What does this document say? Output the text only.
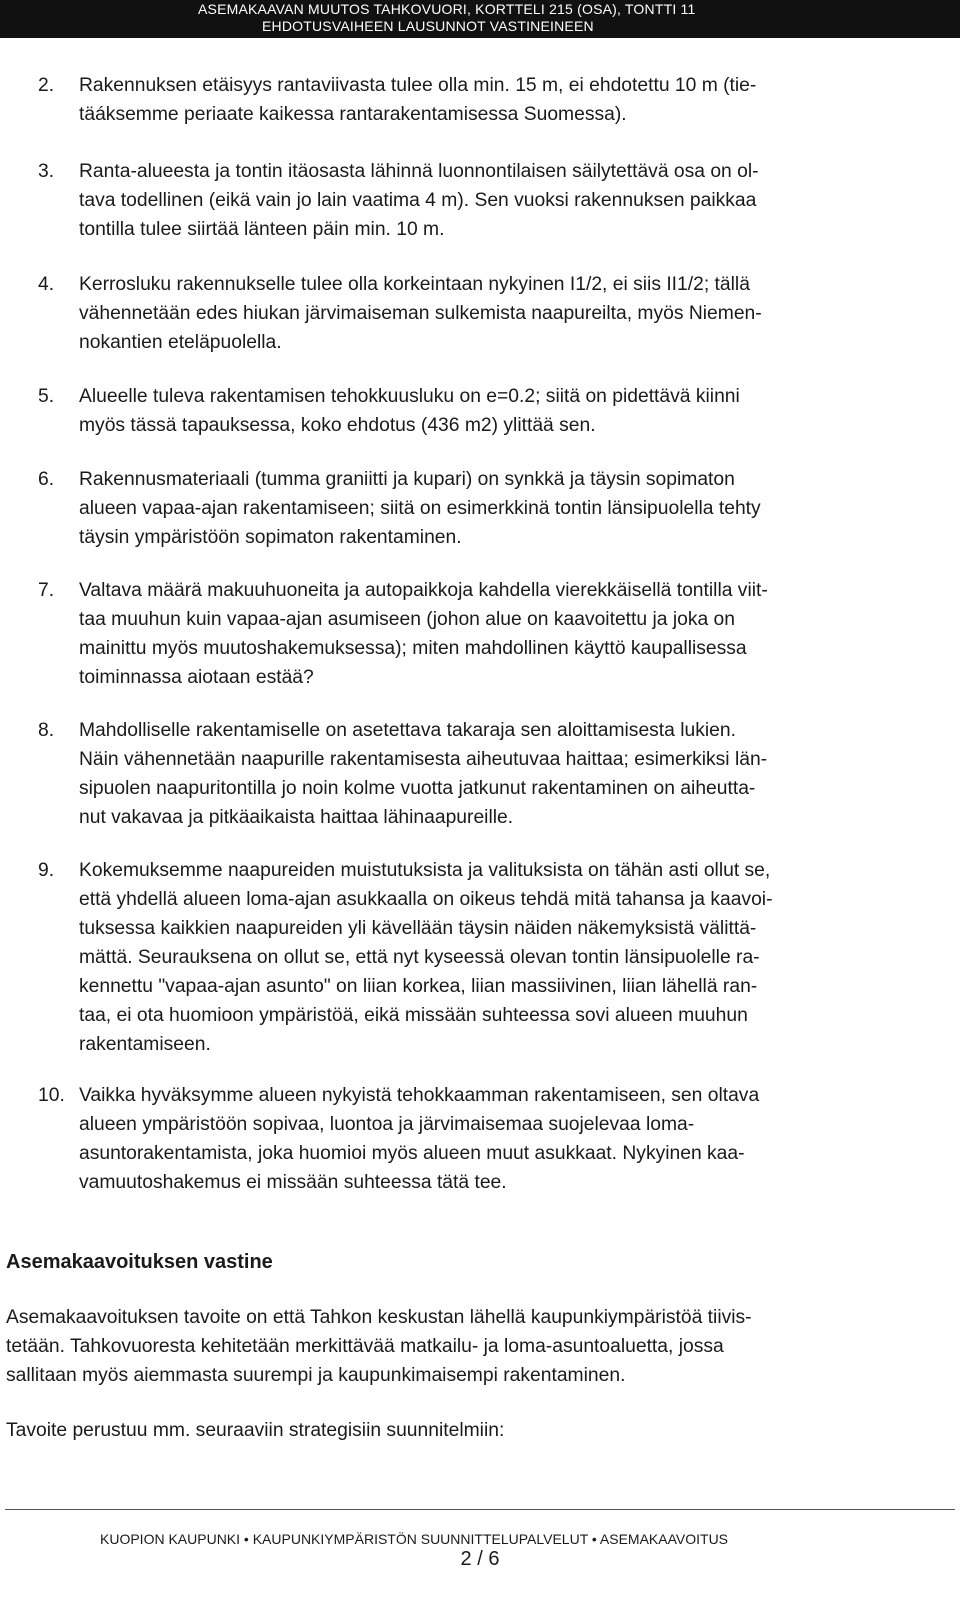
ASEMAKAAVAN MUUTOS TAHKOVUORI, KORTTELI 215 (OSA), TONTTI 11
EHDOTUSVAIHEEN LAUSUNNOT VASTINEINEEN
2.	Rakennuksen etäisyys rantaviivasta tulee olla min. 15 m, ei ehdotettu 10 m (tie-
täáksemme periaate kaikessa rantarakentamisessa Suomessa).
3.	Ranta-alueesta ja tontin itäosasta lähinnä luonnontilaisen säilytettävä osa on ol-
tava todellinen (eikä vain jo lain vaatima 4 m). Sen vuoksi rakennuksen paikkaa
tontilla tulee siirtää länteen päin min. 10 m.
4.	Kerrosluku rakennukselle tulee olla korkeintaan nykyinen I1/2, ei siis II1/2; tällä
vähennetään edes hiukan järvimaiseman sulkemista naapureilta, myös Niemen-
nokantien eteläpuolella.
5.	Alueelle tuleva rakentamisen tehokkuusluku on e=0.2; siitä on pidettävä kiinni
myös tässä tapauksessa, koko ehdotus (436 m2) ylittää sen.
6.	Rakennusmateriaali (tumma graniitti ja kupari) on synkkä ja täysin sopimaton
alueen vapaa-ajan rakentamiseen; siitä on esimerkkinä tontin länsipuolella tehty
täysin ympäristöön sopimaton rakentaminen.
7.	Valtava määrä makuuhuoneita ja autopaikkoja kahdella vierekkäisellä tontilla viit-
taa muuhun kuin vapaa-ajan asumiseen (johon alue on kaavoitettu ja joka on
mainittu myös muutoshakemuksessa); miten mahdollinen käyttö kaupallisessa
toiminnassa aiotaan estää?
8.	Mahdolliselle rakentamiselle on asetettava takaraja sen aloittamisesta lukien.
Näin vähennetään naapurille rakentamisesta aiheutuvaa haittaa; esimerkiksi län-
sipuolen naapuritontilla jo noin kolme vuotta jatkunut rakentaminen on aiheutta-
nut vakavaa ja pitkäaikaista haittaa lähinaapureille.
9.	Kokemuksemme naapureiden muistutuksista ja valituksista on tähän asti ollut se,
että yhdellä alueen loma-ajan asukkaalla on oikeus tehdä mitä tahansa ja kaavoi-
tuksessa kaikkien naapureiden yli kävellään täysin näiden näkemyksistä välittä-
mättä. Seurauksena on ollut se, että nyt kyseessä olevan tontin länsipuolelle ra-
kennettu "vapaa-ajan asunto" on liian korkea, liian massiivinen, liian lähellä ran-
taa, ei ota huomioon ympäristöä, eikä missään suhteessa sovi alueen muuhun
rakentamiseen.
10. Vaikka hyväksymme alueen nykyistä tehokkaamman rakentamiseen, sen oltava
alueen ympäristöön sopivaa, luontoa ja järvimaisemaa suojelevaa loma-
asuntorakentamista, joka huomioi myös alueen muut asukkaat. Nykyinen kaa-
vamuutoshakemus ei missään suhteessa tätä tee.
Asemakaavoituksen vastine
Asemakaavoituksen tavoite on että Tahkon keskustan lähellä kaupunkiympäristöä tiivis-
tetään. Tahkovuoresta kehitetään merkittävää matkailu- ja loma-asuntoaluetta, jossa
sallitaan myös aiemmasta suurempi ja kaupunkimaisempi rakentaminen.
Tavoite perustuu mm. seuraaviin strategisiin suunnitelmiin:
KUOPION KAUPUNKI • KAUPUNKIYMPÄRISTÖN SUUNNITTELUPALVELUT • ASEMAKAAVOITUS
2 / 6
